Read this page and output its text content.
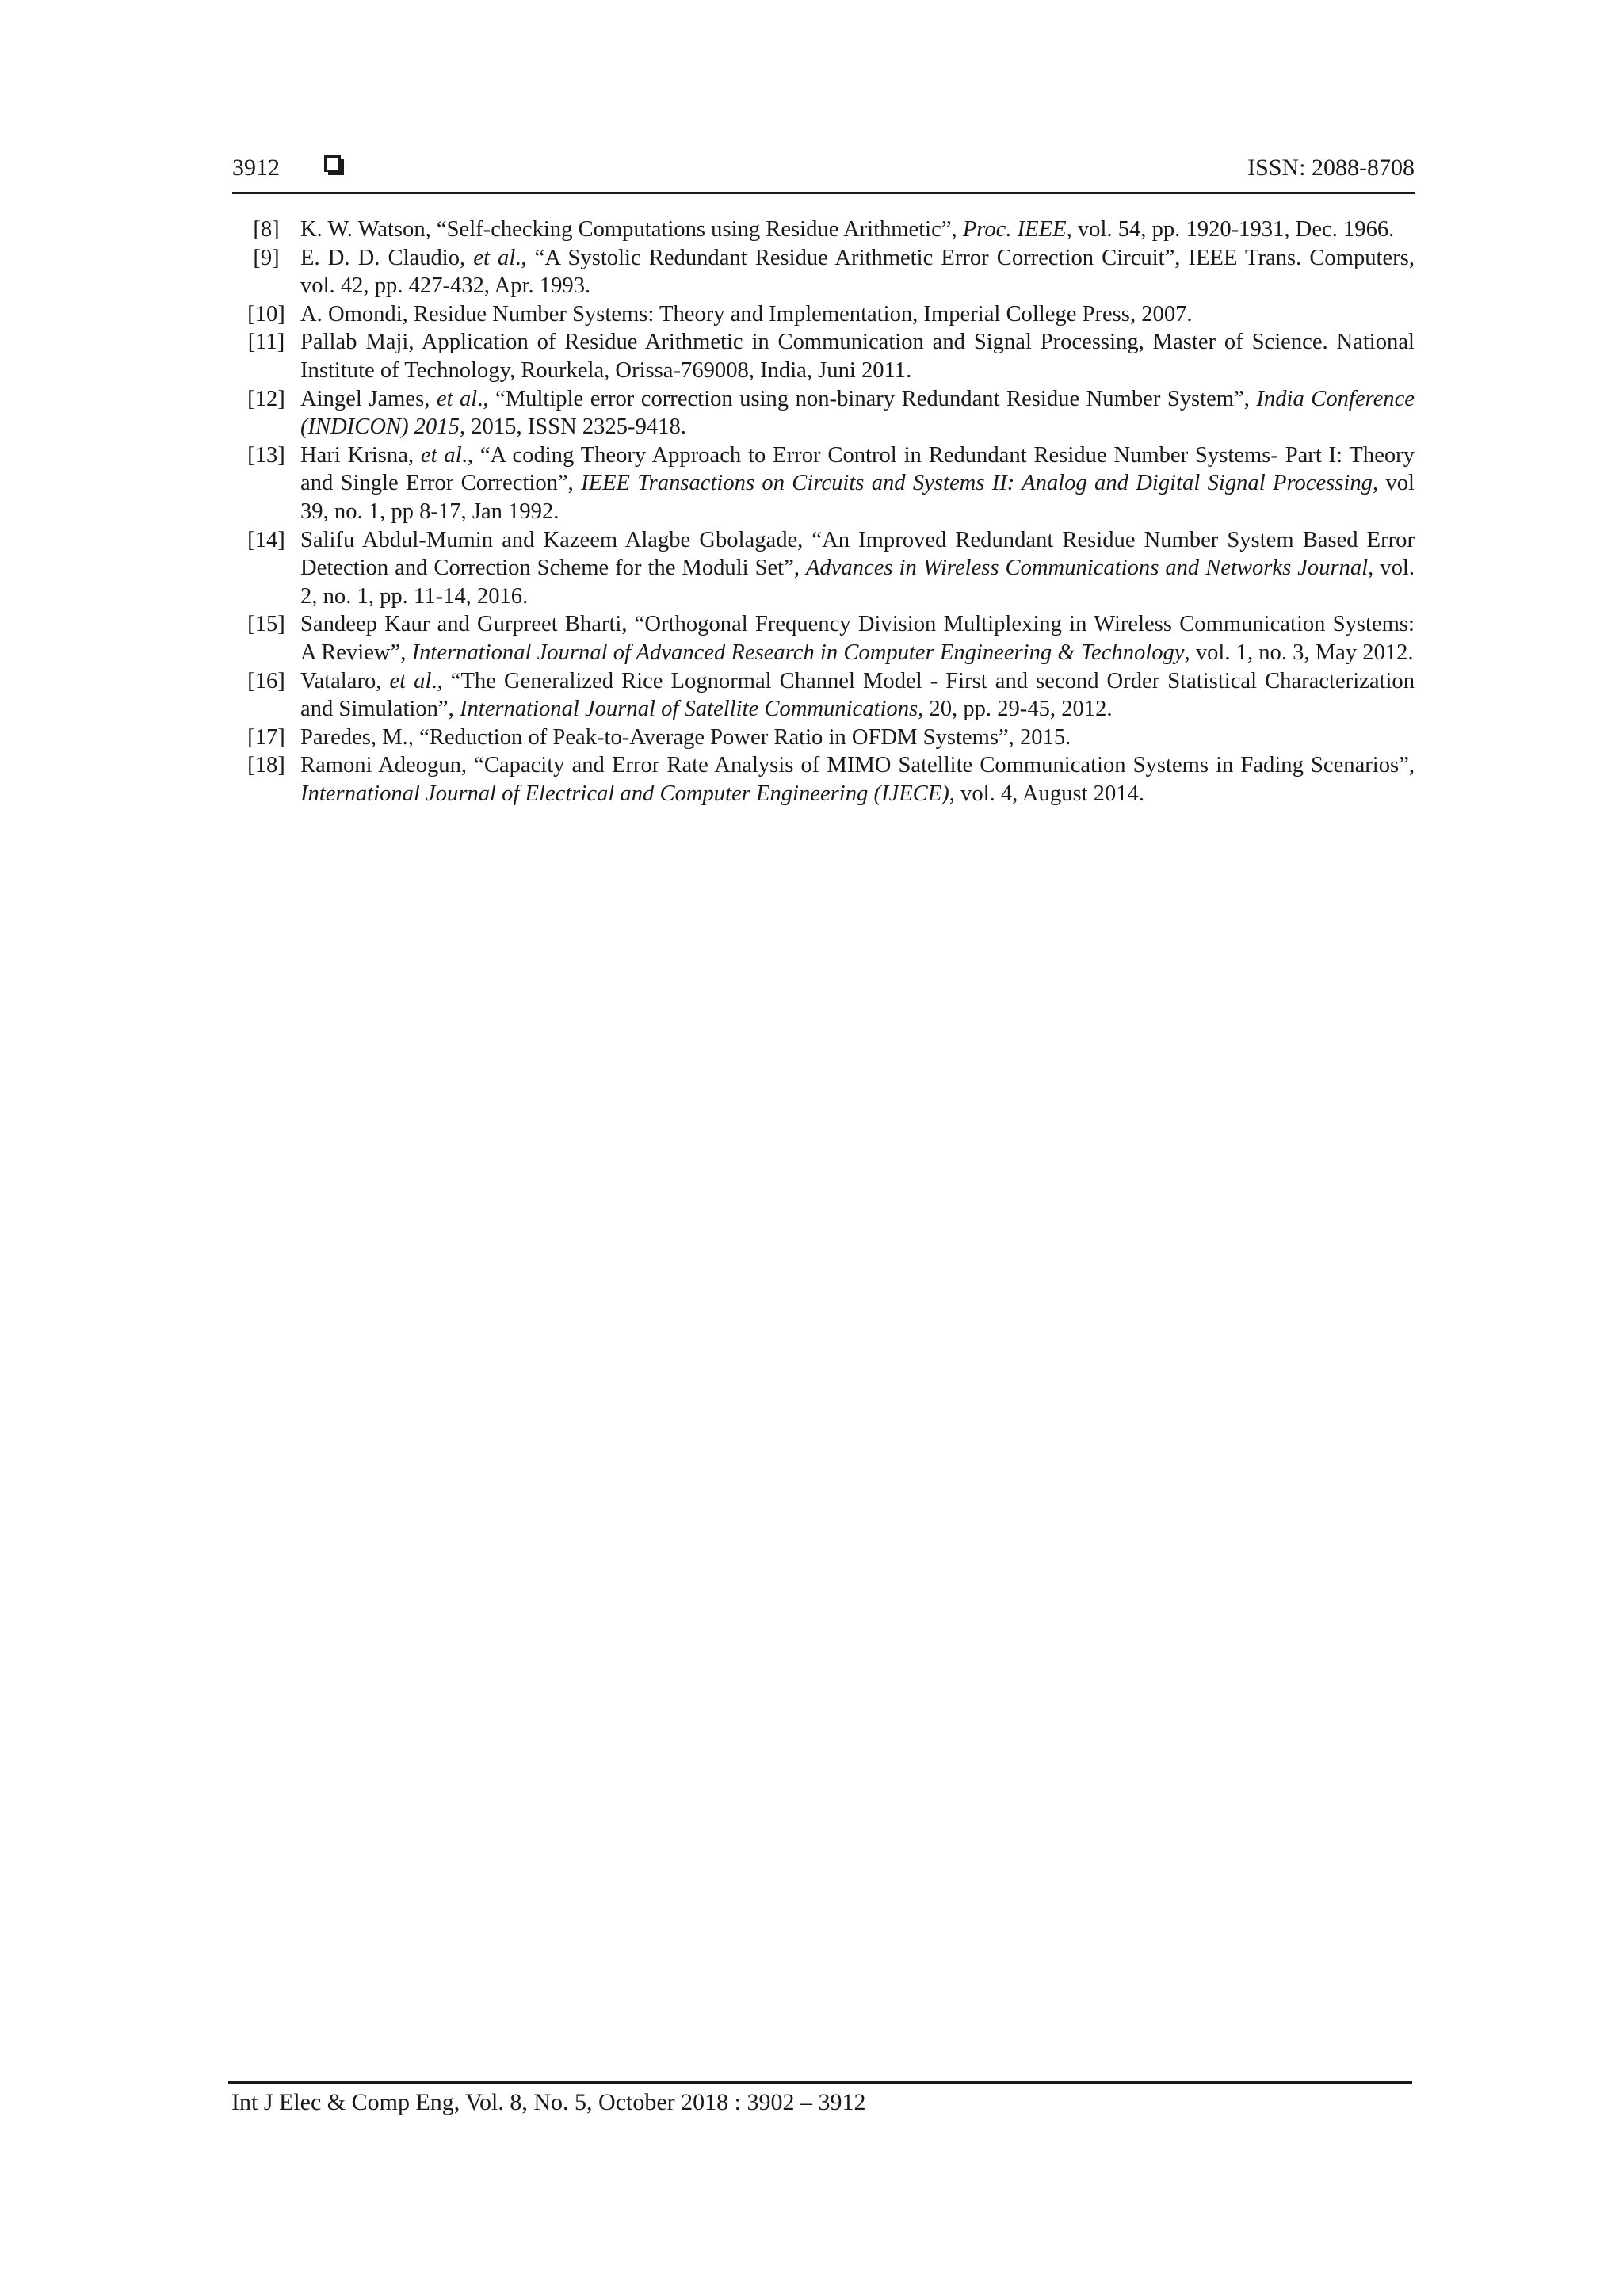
3912	ISSN: 2088-8708
[8] K. W. Watson, “Self-checking Computations using Residue Arithmetic”, Proc. IEEE, vol. 54, pp. 1920-1931, Dec. 1966.
[9] E. D. D. Claudio, et al., “A Systolic Redundant Residue Arithmetic Error Correction Circuit”, IEEE Trans. Computers, vol. 42, pp. 427-432, Apr. 1993.
[10] A. Omondi, Residue Number Systems: Theory and Implementation, Imperial College Press, 2007.
[11] Pallab Maji, Application of Residue Arithmetic in Communication and Signal Processing, Master of Science. National Institute of Technology, Rourkela, Orissa-769008, India, Juni 2011.
[12] Aingel James, et al., “Multiple error correction using non-binary Redundant Residue Number System”, India Conference (INDICON) 2015, 2015, ISSN 2325-9418.
[13] Hari Krisna, et al., “A coding Theory Approach to Error Control in Redundant Residue Number Systems- Part I: Theory and Single Error Correction”, IEEE Transactions on Circuits and Systems II: Analog and Digital Signal Processing, vol 39, no. 1, pp 8-17, Jan 1992.
[14] Salifu Abdul-Mumin and Kazeem Alagbe Gbolagade, “An Improved Redundant Residue Number System Based Error Detection and Correction Scheme for the Moduli Set”, Advances in Wireless Communications and Networks Journal, vol. 2, no. 1, pp. 11-14, 2016.
[15] Sandeep Kaur and Gurpreet Bharti, “Orthogonal Frequency Division Multiplexing in Wireless Communication Systems: A Review”, International Journal of Advanced Research in Computer Engineering & Technology, vol. 1, no. 3, May 2012.
[16] Vatalaro, et al., “The Generalized Rice Lognormal Channel Model - First and second Order Statistical Characterization and Simulation”, International Journal of Satellite Communications, 20, pp. 29-45, 2012.
[17] Paredes, M., “Reduction of Peak-to-Average Power Ratio in OFDM Systems”, 2015.
[18] Ramoni Adeogun, “Capacity and Error Rate Analysis of MIMO Satellite Communication Systems in Fading Scenarios”, International Journal of Electrical and Computer Engineering (IJECE), vol. 4, August 2014.
Int J Elec & Comp Eng, Vol. 8, No. 5, October 2018 : 3902 – 3912
